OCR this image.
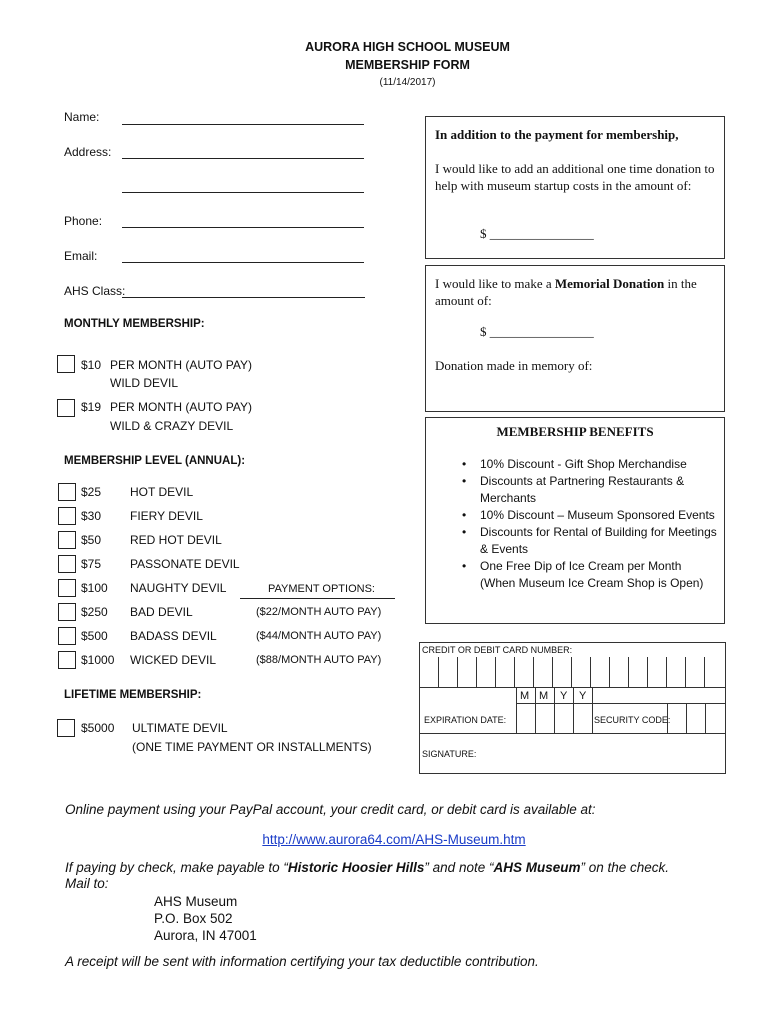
AURORA HIGH SCHOOL MUSEUM
MEMBERSHIP FORM
(11/14/2017)
Name:
Address:
Phone:
Email:
AHS Class:
MONTHLY MEMBERSHIP:
$10 PER MONTH (AUTO PAY)
WILD DEVIL
$19 PER MONTH (AUTO PAY)
WILD & CRAZY DEVIL
MEMBERSHIP LEVEL (ANNUAL):
$25 HOT DEVIL
$30 FIERY DEVIL
$50 RED HOT DEVIL
$75 PASSONATE DEVIL
$100 NAUGHTY DEVIL
$250 BAD DEVIL
$500 BADASS DEVIL
$1000 WICKED DEVIL
PAYMENT OPTIONS:
($22/MONTH AUTO PAY)
($44/MONTH AUTO PAY)
($88/MONTH AUTO PAY)
LIFETIME MEMBERSHIP:
$5000 ULTIMATE DEVIL
(ONE TIME PAYMENT OR INSTALLMENTS)
In addition to the payment for membership,
I would like to add an additional one time donation to help with museum startup costs in the amount of:
$ ________________
I would like to make a Memorial Donation in the amount of:
$ ________________
Donation made in memory of:
MEMBERSHIP BENEFITS
• 10% Discount - Gift Shop Merchandise
• Discounts at Partnering Restaurants & Merchants
• 10% Discount – Museum Sponsored Events
• Discounts for Rental of Building for Meetings & Events
• One Free Dip of Ice Cream per Month (When Museum Ice Cream Shop is Open)
CREDIT OR DEBIT CARD NUMBER:
M M Y Y
EXPIRATION DATE:	SECURITY CODE:
SIGNATURE:
Online payment using your PayPal account, your credit card, or debit card is available at:
http://www.aurora64.com/AHS-Museum.htm
If paying by check, make payable to “Historic Hoosier Hills” and note “AHS Museum” on the check.
Mail to:
AHS Museum
P.O. Box 502
Aurora, IN 47001
A receipt will be sent with information certifying your tax deductible contribution.
